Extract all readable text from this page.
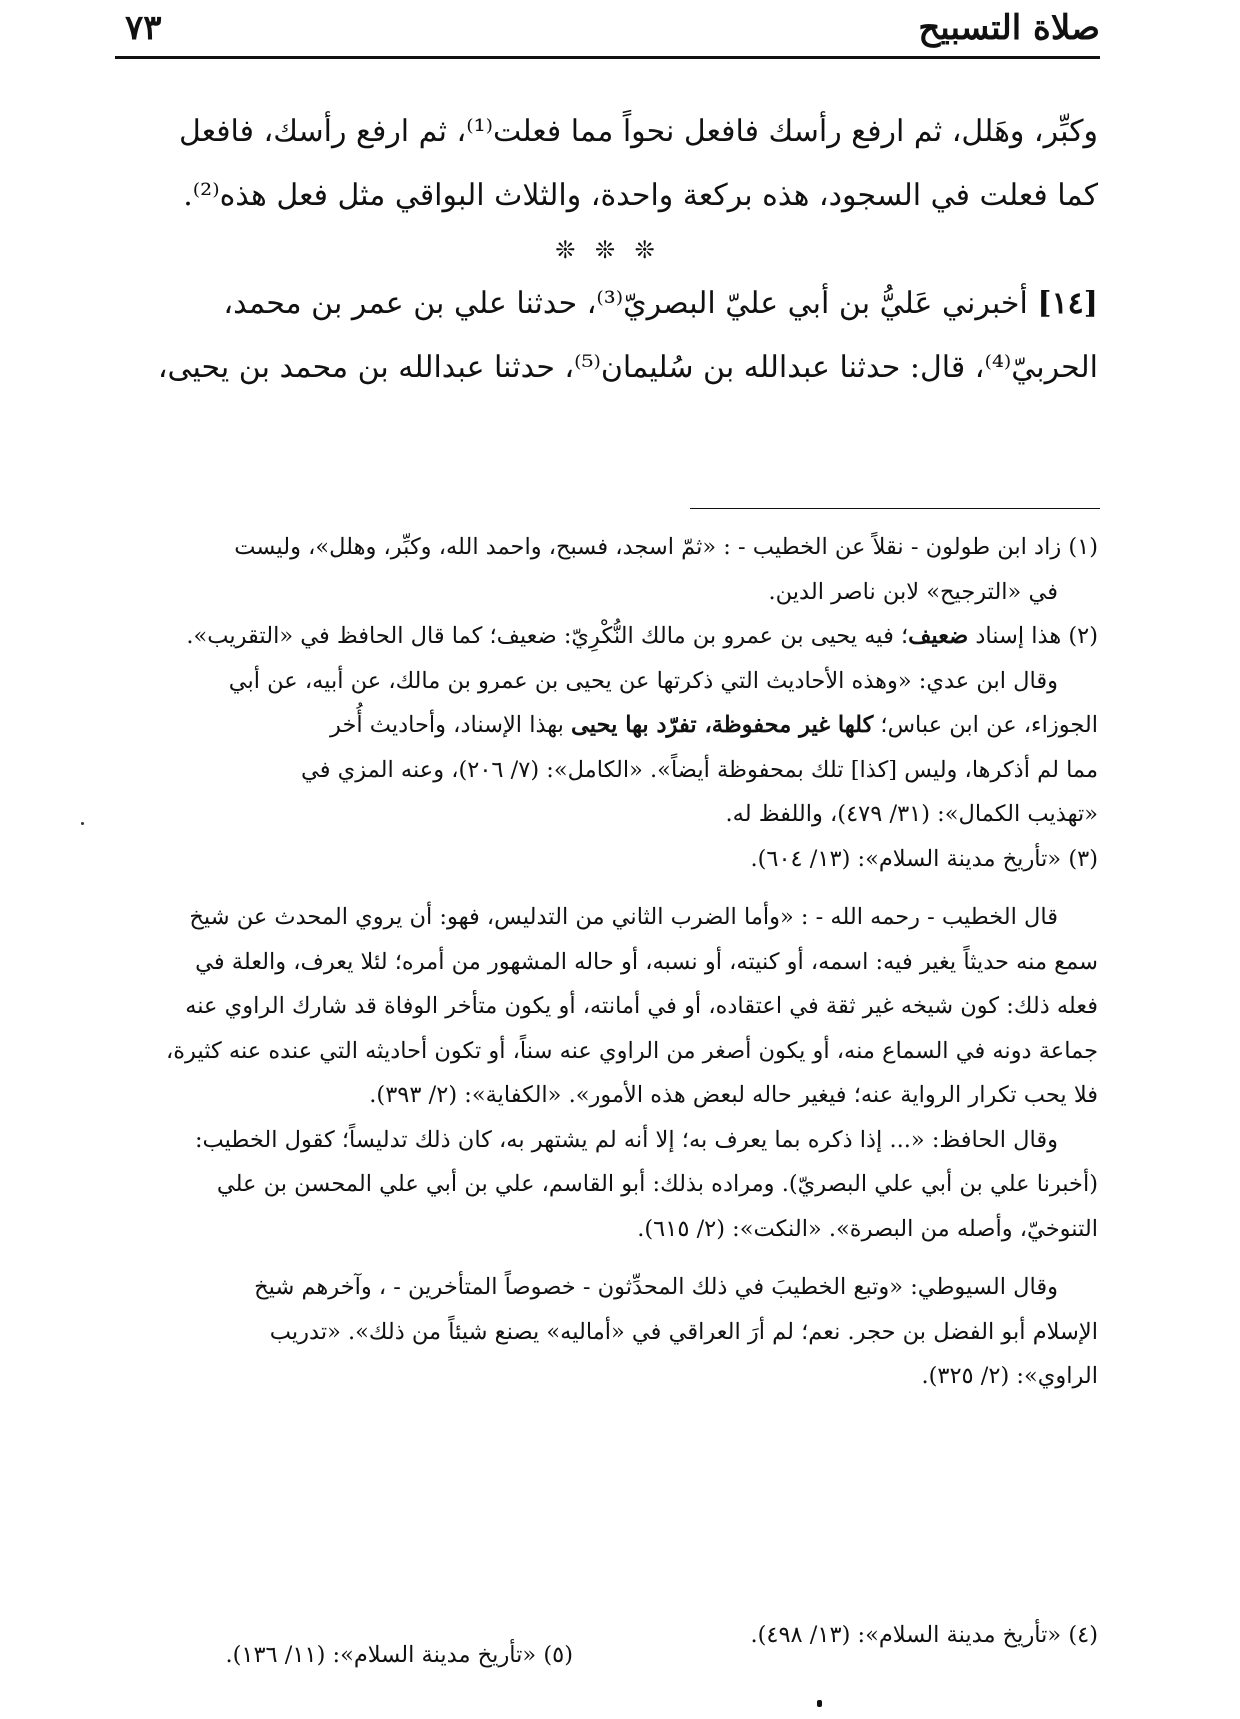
صلاة التسبيح
٧٣

وكبِّر، وهَلل، ثم ارفع رأسك فافعل نحواً مما فعلت⁽¹⁾، ثم ارفع رأسك، فافعل

كما فعلت في السجود، هذه بركعة واحدة، والثلاث البواقي مثل فعل هذه⁽²⁾.

❊ ❊ ❊

[١٤] أخبرني عَليُّ بن أبي عليّ البصريّ⁽³⁾، حدثنا علي بن عمر بن محمد،

الحربيّ⁽⁴⁾، قال: حدثنا عبدالله بن سُليمان⁽⁵⁾، حدثنا عبدالله بن محمد بن يحيى،

(١) زاد ابن طولون - نقلاً عن الخطيب - : «ثمّ اسجد، فسبح، واحمد الله، وكبِّر، وهلل»، وليست

في «الترجيح» لابن ناصر الدين.

(٢) هذا إسناد ضعيف؛ فيه يحيى بن عمرو بن مالك النُّكْرِيّ: ضعيف؛ كما قال الحافظ في «التقريب».

وقال ابن عدي: «وهذه الأحاديث التي ذكرتها عن يحيى بن عمرو بن مالك، عن أبيه، عن أبي

الجوزاء، عن ابن عباس؛ كلها غير محفوظة، تفرّد بها يحيى بهذا الإسناد، وأحاديث أُخر

مما لم أذكرها، وليس [كذا] تلك بمحفوظة أيضاً». «الكامل»: (٧/ ٢٠٦)، وعنه المزي في

«تهذيب الكمال»: (٣١/ ٤٧٩)، واللفظ له.

(٣) «تأريخ مدينة السلام»: (١٣/ ٦٠٤).

قال الخطيب - رحمه الله - : «وأما الضرب الثاني من التدليس، فهو: أن يروي المحدث عن شيخ

سمع منه حديثاً يغير فيه: اسمه، أو كنيته، أو نسبه، أو حاله المشهور من أمره؛ لئلا يعرف، والعلة في

فعله ذلك: كون شيخه غير ثقة في اعتقاده، أو في أمانته، أو يكون متأخر الوفاة قد شارك الراوي عنه

جماعة دونه في السماع منه، أو يكون أصغر من الراوي عنه سناً، أو تكون أحاديثه التي عنده عنه كثيرة،

فلا يحب تكرار الرواية عنه؛ فيغير حاله لبعض هذه الأمور». «الكفاية»: (٢/ ٣٩٣).

وقال الحافظ: «... إذا ذكره بما يعرف به؛ إلا أنه لم يشتهر به، كان ذلك تدليساً؛ كقول الخطيب:

(أخبرنا علي بن أبي علي البصريّ). ومراده بذلك: أبو القاسم، علي بن أبي علي المحسن بن علي

التنوخيّ، وأصله من البصرة». «النكت»: (٢/ ٦١٥).

وقال السيوطي: «وتبع الخطيبَ في ذلك المحدِّثون - خصوصاً المتأخرين - ، وآخرهم شيخ

الإسلام أبو الفضل بن حجر. نعم؛ لم أرَ العراقي في «أماليه» يصنع شيئاً من ذلك». «تدريب

الراوي»: (٢/ ٣٢٥).

(٤) «تأريخ مدينة السلام»: (١٣/ ٤٩٨).
(٥) «تأريخ مدينة السلام»: (١١/ ١٣٦).
